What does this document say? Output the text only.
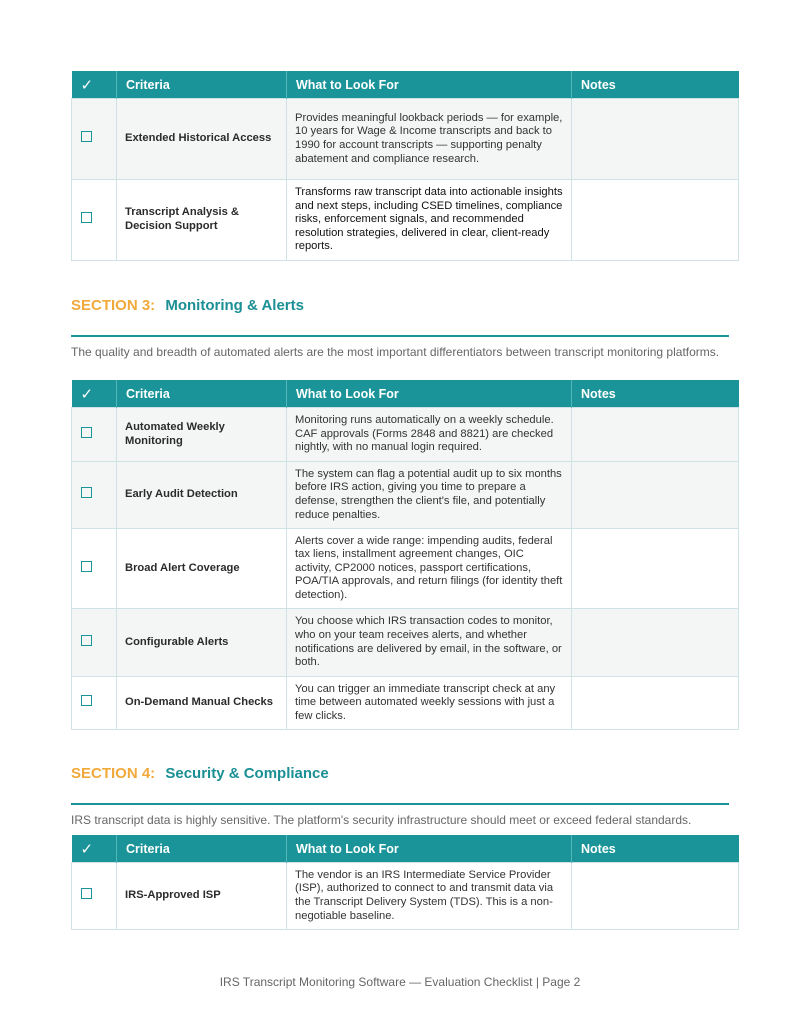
✓	Criteria	What to Look For	Notes
	Extended Historical Access	Provides meaningful lookback periods — for example, 10 years for Wage & Income transcripts and back to 1990 for account transcripts — supporting penalty abatement and compliance research.	
	Transcript Analysis & Decision Support	Transforms raw transcript data into actionable insights and next steps, including CSED timelines, compliance risks, enforcement signals, and recommended resolution strategies, delivered in clear, client-ready reports.	
SECTION 3: Monitoring & Alerts
The quality and breadth of automated alerts are the most important differentiators between transcript monitoring platforms.
✓	Criteria	What to Look For	Notes
	Automated Weekly Monitoring	Monitoring runs automatically on a weekly schedule. CAF approvals (Forms 2848 and 8821) are checked nightly, with no manual login required.	
	Early Audit Detection	The system can flag a potential audit up to six months before IRS action, giving you time to prepare a defense, strengthen the client's file, and potentially reduce penalties.	
	Broad Alert Coverage	Alerts cover a wide range: impending audits, federal tax liens, installment agreement changes, OIC activity, CP2000 notices, passport certifications, POA/TIA approvals, and return filings (for identity theft detection).	
	Configurable Alerts	You choose which IRS transaction codes to monitor, who on your team receives alerts, and whether notifications are delivered by email, in the software, or both.	
	On-Demand Manual Checks	You can trigger an immediate transcript check at any time between automated weekly sessions with just a few clicks.	
SECTION 4: Security & Compliance
IRS transcript data is highly sensitive. The platform's security infrastructure should meet or exceed federal standards.
✓	Criteria	What to Look For	Notes
	IRS-Approved ISP	The vendor is an IRS Intermediate Service Provider (ISP), authorized to connect to and transmit data via the Transcript Delivery System (TDS). This is a non-negotiable baseline.	
IRS Transcript Monitoring Software — Evaluation Checklist | Page 2
